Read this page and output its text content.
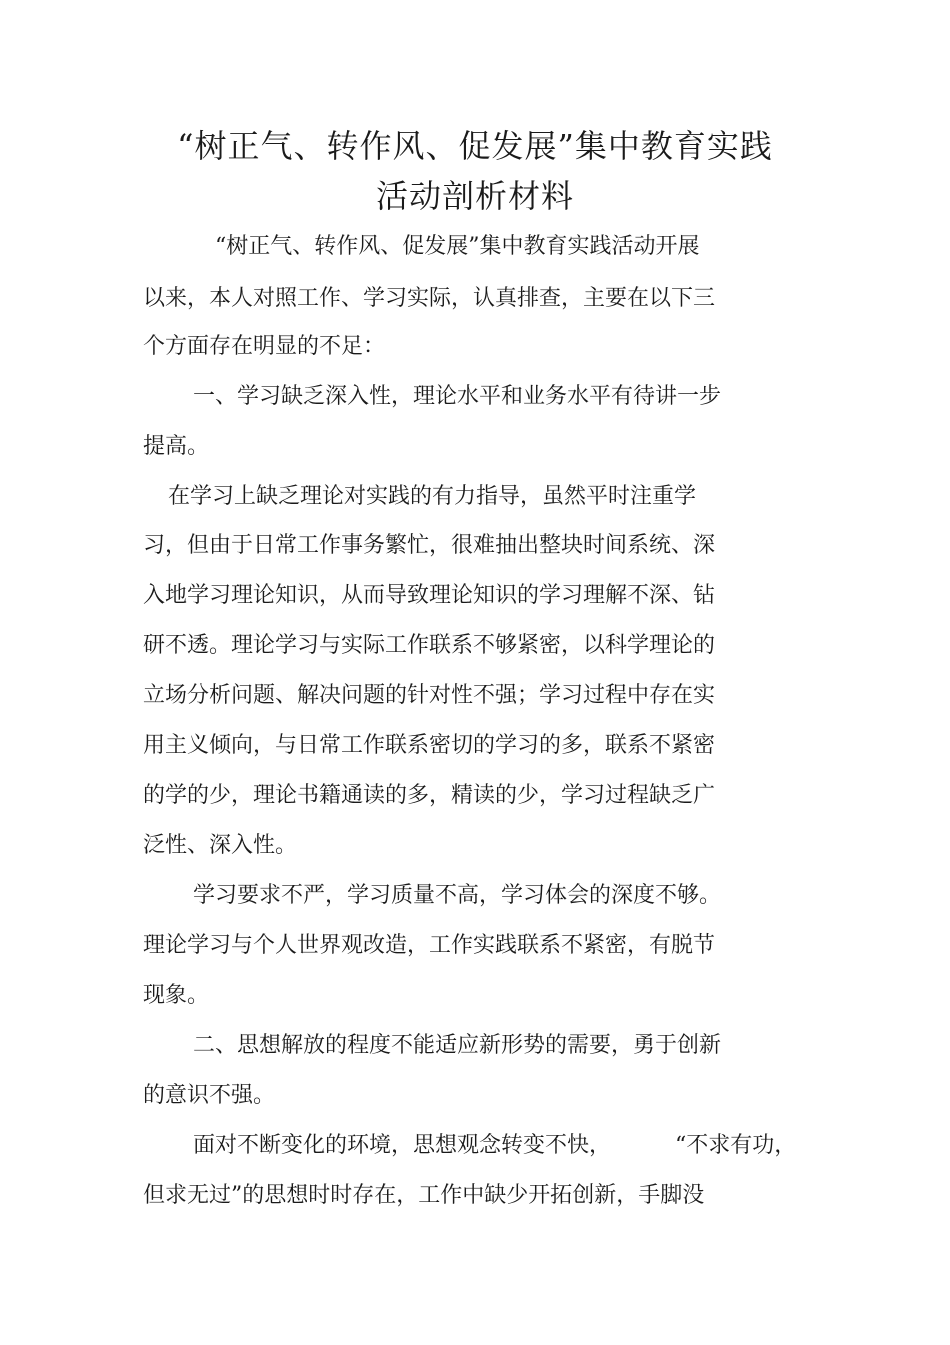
“树正气、转作风、促发展”集中教育实践
活动剖析材料
“树正气、转作风、促发展”集中教育实践活动开展
以来，本人对照工作、学习实际，认真排查，主要在以下三
个方面存在明显的不足：
一、学习缺乏深入性，理论水平和业务水平有待讲一步
提高。
在学习上缺乏理论对实践的有力指导，虽然平时注重学
习，但由于日常工作事务繁忙，很难抽出整块时间系统、深
入地学习理论知识，从而导致理论知识的学习理解不深、钻
研不透。理论学习与实际工作联系不够紧密，以科学理论的
立场分析问题、解决问题的针对性不强；学习过程中存在实
用主义倾向，与日常工作联系密切的学习的多，联系不紧密
的学的少，理论书籍通读的多，精读的少，学习过程缺乏广
泛性、深入性。
学习要求不严，学习质量不高，学习体会的深度不够。
理论学习与个人世界观改造，工作实践联系不紧密，有脱节
现象。
二、思想解放的程度不能适应新形势的需要，勇于创新
的意识不强。
面对不断变化的环境，思想观念转变不快，	“不求有功，
但求无过”的思想时时存在，工作中缺少开拓创新，手脚没
